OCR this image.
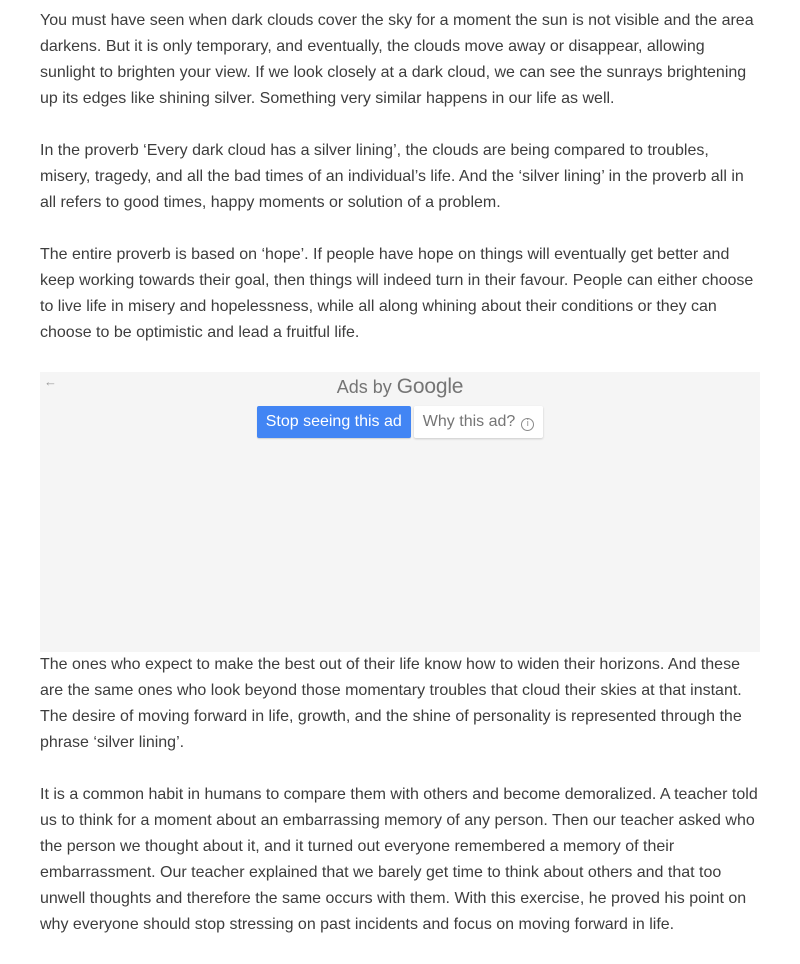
You must have seen when dark clouds cover the sky for a moment the sun is not visible and the area darkens. But it is only temporary, and eventually, the clouds move away or disappear, allowing sunlight to brighten your view. If we look closely at a dark cloud, we can see the sunrays brightening up its edges like shining silver. Something very similar happens in our life as well.

In the proverb ‘Every dark cloud has a silver lining’, the clouds are being compared to troubles, misery, tragedy, and all the bad times of an individual’s life. And the ‘silver lining’ in the proverb all in all refers to good times, happy moments or solution of a problem.

The entire proverb is based on ‘hope’. If people have hope on things will eventually get better and keep working towards their goal, then things will indeed turn in their favour. People can either choose to live life in misery and hopelessness, while all along whining about their conditions or they can choose to be optimistic and lead a fruitful life.

←	Ads by Google
Stop seeing this ad Why this ad? i

The ones who expect to make the best out of their life know how to widen their horizons. And these are the same ones who look beyond those momentary troubles that cloud their skies at that instant. The desire of moving forward in life, growth, and the shine of personality is represented through the phrase ‘silver lining’.

It is a common habit in humans to compare them with others and become demoralized. A teacher told us to think for a moment about an embarrassing memory of any person. Then our teacher asked who the person we thought about it, and it turned out everyone remembered a memory of their embarrassment. Our teacher explained that we barely get time to think about others and that too unwell thoughts and therefore the same occurs with them. With this exercise, he proved his point on why everyone should stop stressing on past incidents and focus on moving forward in life.
